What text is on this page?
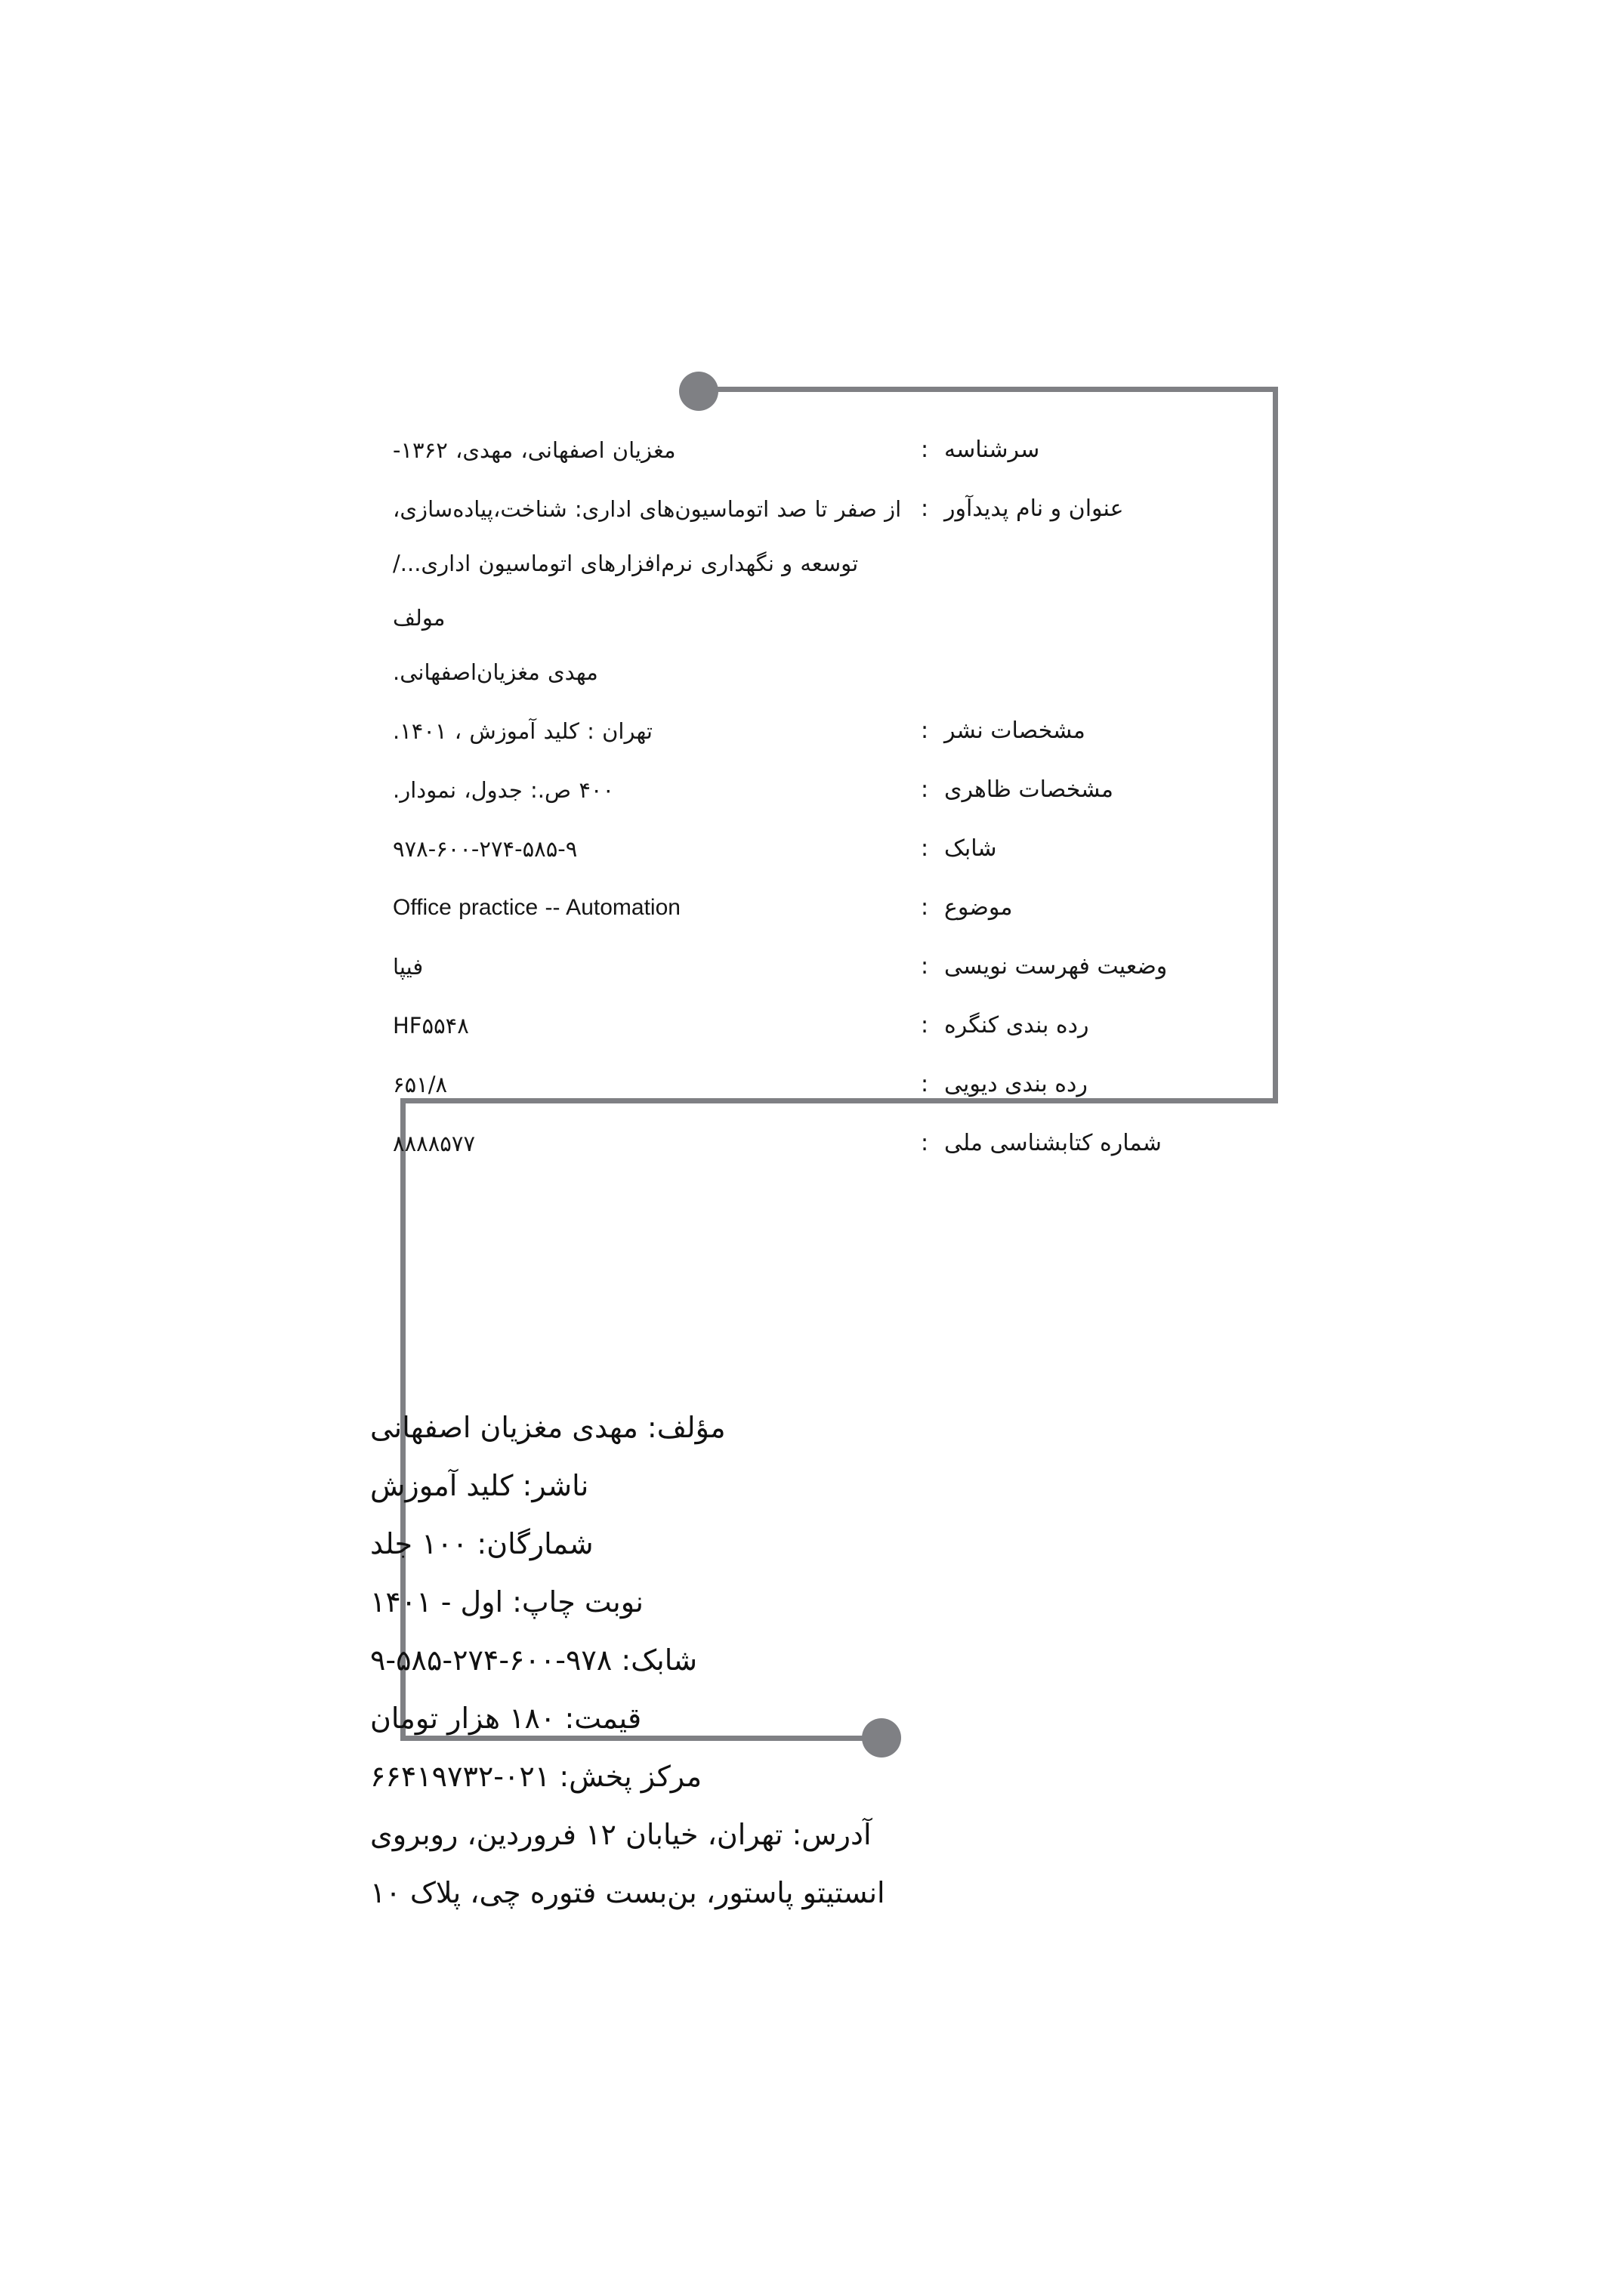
سرشناسه
:
مغزیان اصفهانی، مهدی، ۱۳۶۲-
عنوان و نام پدیدآور
:
از صفر تا صد اتوماسیون‌های اداری: شناخت،پیاده‌سازی،
توسعه و نگهداری نرم‌افزارهای اتوماسیون اداری.../ مولف
مهدی مغزیان‌اصفهانی.
مشخصات نشر
:
تهران : کلید آموزش ، ۱۴۰۱.
مشخصات ظاهری
:
۴۰۰ ص.: جدول، نمودار.
شابک
:
۹۷۸-۶۰۰-۲۷۴-۵۸۵-۹
موضوع
:
Office practice -- Automation
وضعیت فهرست نویسی
:
فیپا
رده بندی کنگره
:
HF۵۵۴۸
رده بندی دیویی
:
۶۵۱/۸
شماره کتابشناسی ملی
:
۸۸۸۸۵۷۷
مؤلف: مهدی مغزیان اصفهانی
ناشر: کلید آموزش
شمارگان: ۱۰۰ جلد
نوبت چاپ: اول - ۱۴۰۱
شابک: ۹۷۸-۶۰۰-۲۷۴-۵۸۵-۹
قیمت: ۱۸۰ هزار تومان
مرکز پخش: ۰۲۱-۶۶۴۱۹۷۳۲
آدرس: تهران، خیابان ۱۲ فروردین، روبروی
انستیتو پاستور، بن‌بست فتوره چی، پلاک ۱۰
